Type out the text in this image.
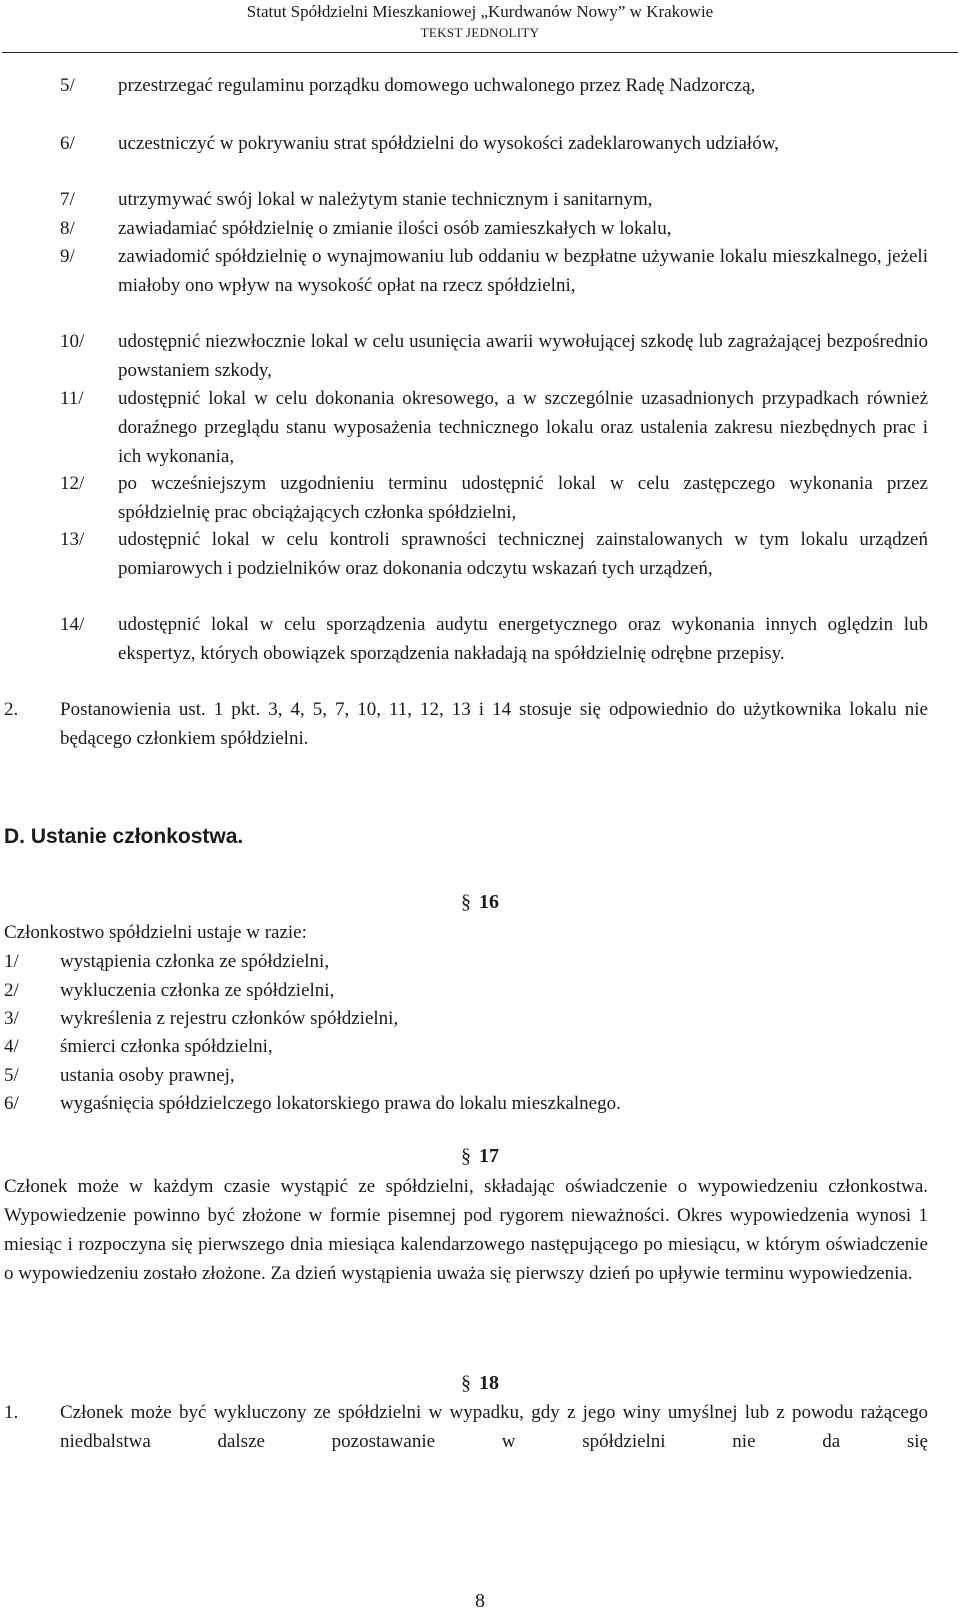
Statut Spółdzielni Mieszkaniowej „Kurdwanów Nowy” w Krakowie
TEKST JEDNOLITY
5/ przestrzegać regulaminu porządku domowego uchwalonego przez Radę Nadzorczą,
6/ uczestniczyć w pokrywaniu strat spółdzielni do wysokości zadeklarowanych udziałów,
7/ utrzymywać swój lokal w należytym stanie technicznym i sanitarnym,
8/ zawiadamiać spółdzielnię o zmianie ilości osób zamieszkałych w lokalu,
9/ zawiadomić spółdzielnię o wynajmowaniu lub oddaniu w bezpłatne używanie lokalu mieszkalnego, jeżeli miałoby ono wpływ na wysokość opłat na rzecz spółdzielni,
10/ udostępnić niezwłocznie lokal w celu usunięcia awarii wywołującej szkodę lub zagrażającej bezpośrednio powstaniem szkody,
11/ udostępnić lokal w celu dokonania okresowego, a w szczególnie uzasadnionych przypadkach również doraźnego przeglądu stanu wyposażenia technicznego lokalu oraz ustalenia zakresu niezbędnych prac i ich wykonania,
12/ po wcześniejszym uzgodnieniu terminu udostępnić lokal w celu zastępczego wykonania przez spółdzielnię prac obciążających członka spółdzielni,
13/ udostępnić lokal w celu kontroli sprawności technicznej zainstalowanych w tym lokalu urządzeń pomiarowych i podzielników oraz dokonania odczytu wskazań tych urządzeń,
14/ udostępnić lokal w celu sporządzenia audytu energetycznego oraz wykonania innych oględzin lub ekspertyz, których obowiązek sporządzenia nakładają na spółdzielnię odrębne przepisy.
2. Postanowienia ust. 1 pkt. 3, 4, 5, 7, 10, 11, 12, 13 i 14 stosuje się odpowiednio do użytkownika lokalu nie będącego członkiem spółdzielni.
D. Ustanie członkostwa.
§ 16
Członkostwo spółdzielni ustaje w razie:
1/ wystąpienia członka ze spółdzielni,
2/ wykluczenia członka ze spółdzielni,
3/ wykreślenia z rejestru członków spółdzielni,
4/ śmierci członka spółdzielni,
5/ ustania osoby prawnej,
6/ wygaśnięcia spółdzielczego lokatorskiego prawa do lokalu mieszkalnego.
§ 17
Członek może w każdym czasie wystąpić ze spółdzielni, składając oświadczenie o wypowiedzeniu członkostwa. Wypowiedzenie powinno być złożone w formie pisemnej pod rygorem nieważności. Okres wypowiedzenia wynosi 1 miesiąc i rozpoczyna się pierwszego dnia miesiąca kalendarzowego następującego po miesiącu, w którym oświadczenie o wypowiedzeniu zostało złożone. Za dzień wystąpienia uważa się pierwszy dzień po upływie terminu wypowiedzenia.
§ 18
1. Członek może być wykluczony ze spółdzielni w wypadku, gdy z jego winy umyślnej lub z powodu rażącego niedbalstwa dalsze pozostawanie w spółdzielni nie da się
8
